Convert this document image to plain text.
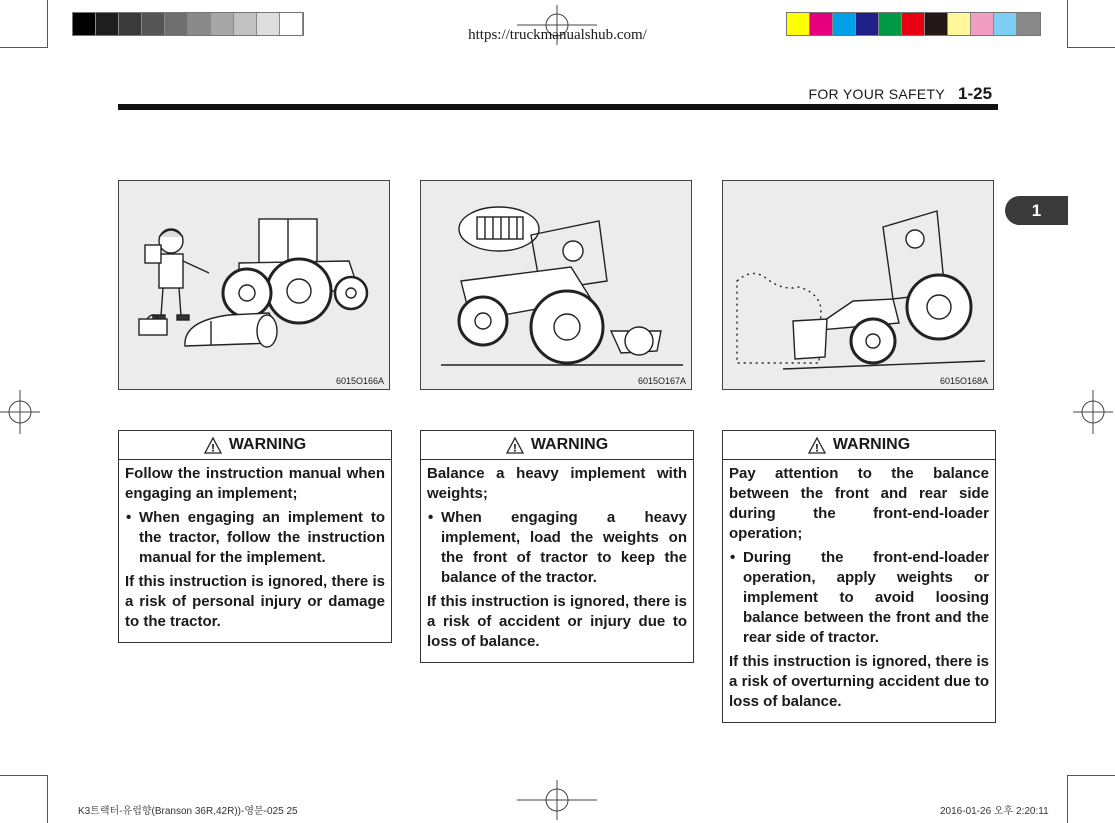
https://truckmanualshub.com/
FOR YOUR SAFETY 1-25
1
6015O166A	6015O167A	6015O168A
! WARNING

Follow the instruction manual when engaging an implement;

• When engaging an implement to the tractor, follow the instruction manual for the implement.

If this instruction is ignored, there is a risk of personal injury or damage to the tractor.

! WARNING

Balance a heavy implement with weights;

• When engaging a heavy implement, load the weights on the front of tractor to keep the balance of the tractor.

If this instruction is ignored, there is a risk of accident or injury due to loss of balance.

! WARNING

Pay attention to the balance between the front and rear side during the front-end-loader operation;

• During the front-end-loader operation, apply weights or implement to avoid loosing balance between the front and the rear side of tractor.

If this instruction is ignored, there is a risk of overturning accident due to loss of balance.

K3트랙터-유럽향(Branson 36R,42R))-영문-025 25	2016-01-26 오후 2:20:11
